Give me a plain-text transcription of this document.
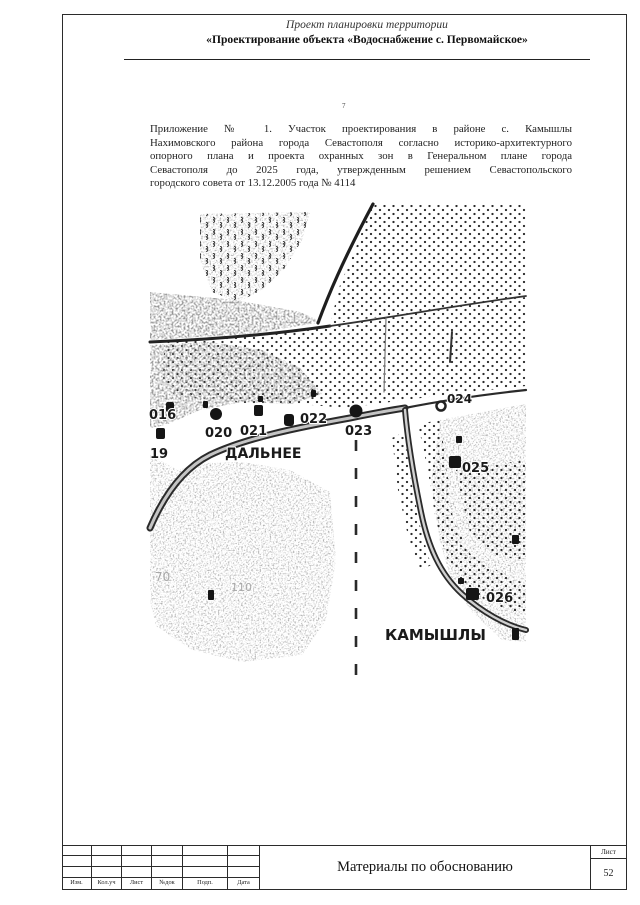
Проект планировки территории
«Проектирование объекта «Водоснабжение с. Первомайское»
7
Приложение № 1. Участок проектирования в районе с. Камышлы
Нахимовского района города Севастополя согласно историко-архитектурного
опорного плана и проекта охранных зон в Генеральном плане города
Севастополя до 2025 года, утвержденным решением Севастопольского
городского совета от 13.12.2005 года № 4114
016
19
020 021
022
023
024
025
026
ДАЛЬНЕЕ
КАМЫШЛЫ
70
110
Изм.	Кол.уч	Лист	№док	Подп.	Дата
Материалы по обоснованию
Лист
52
